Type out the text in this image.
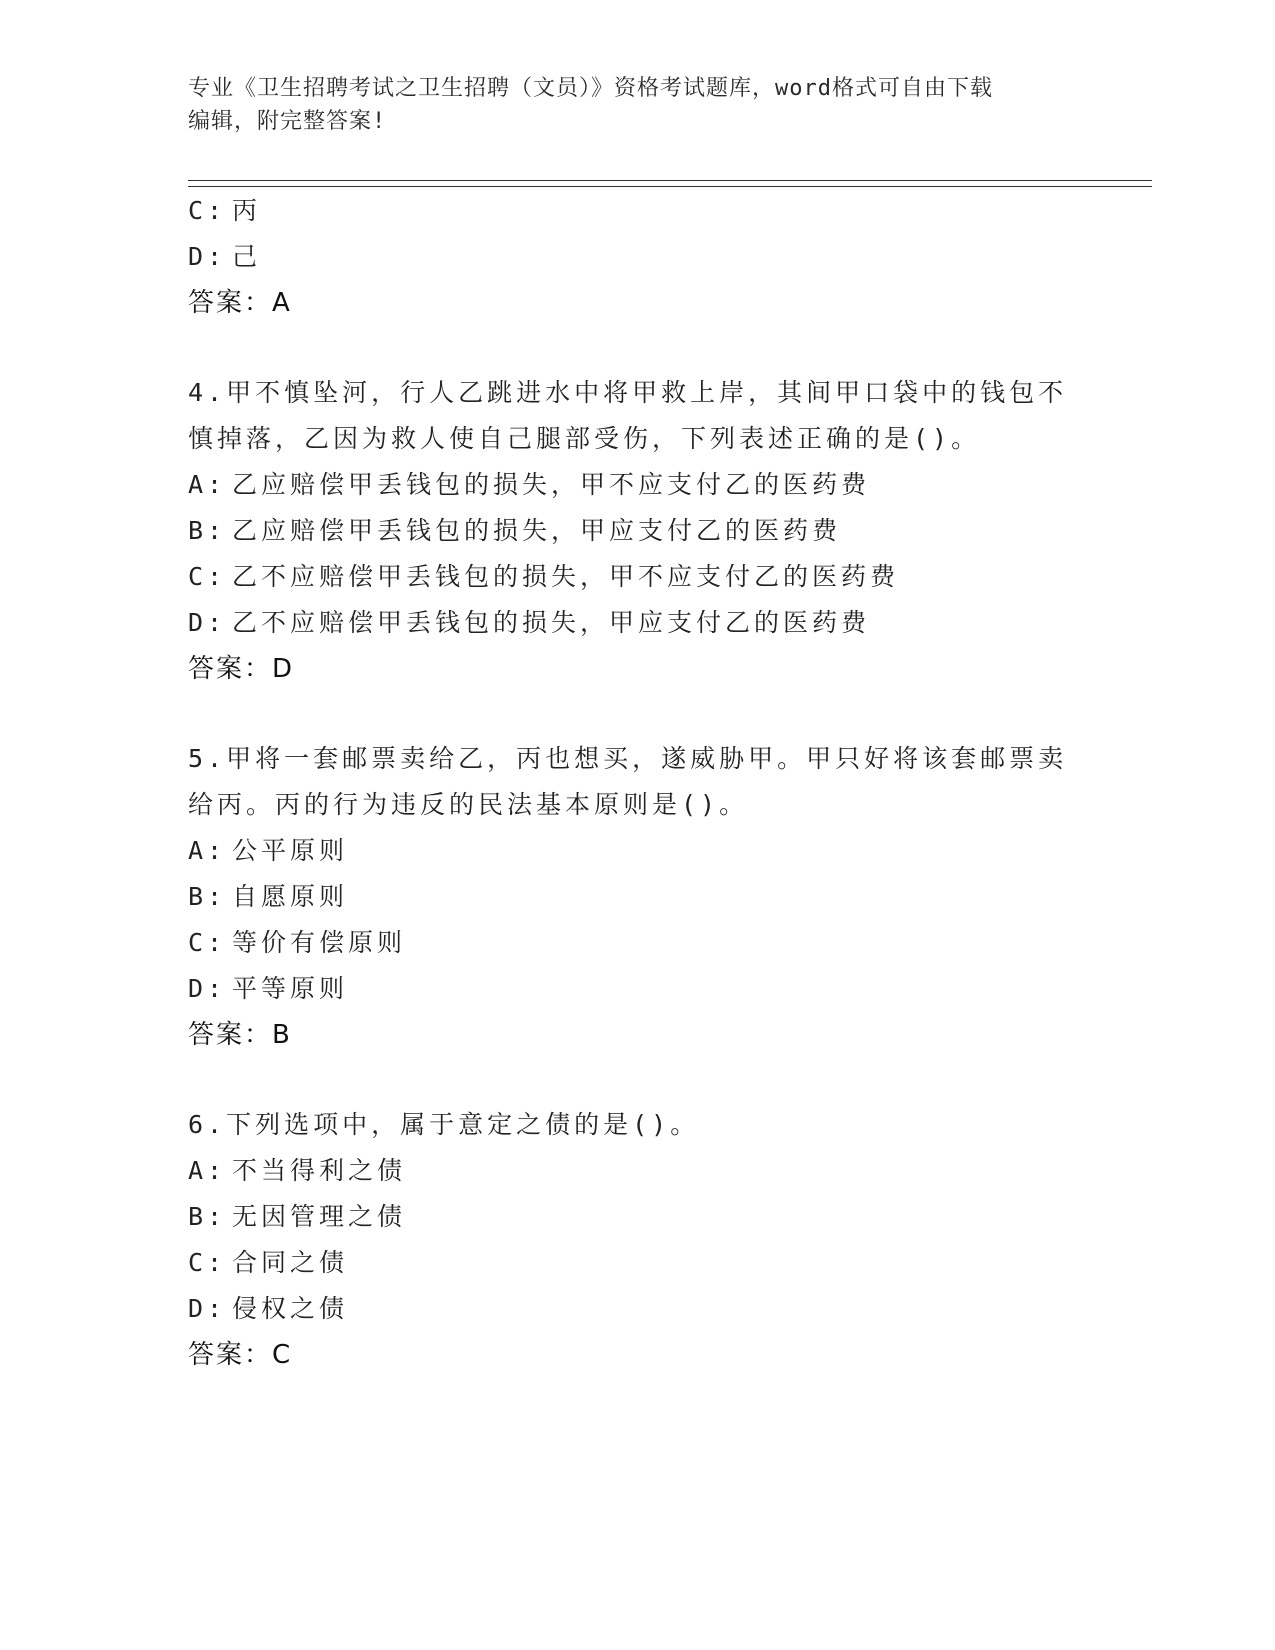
专业《卫生招聘考试之卫生招聘（文员）》资格考试题库，word格式可自由下载
编辑，附完整答案!
C: 丙
D: 己
答案：A
4.甲不慎坠河，行人乙跳进水中将甲救上岸，其间甲口袋中的钱包不
慎掉落，乙因为救人使自己腿部受伤，下列表述正确的是()。
A: 乙应赔偿甲丢钱包的损失，甲不应支付乙的医药费
B: 乙应赔偿甲丢钱包的损失，甲应支付乙的医药费
C: 乙不应赔偿甲丢钱包的损失，甲不应支付乙的医药费
D: 乙不应赔偿甲丢钱包的损失，甲应支付乙的医药费
答案：D
5.甲将一套邮票卖给乙，丙也想买，遂威胁甲。甲只好将该套邮票卖
给丙。丙的行为违反的民法基本原则是()。
A: 公平原则
B: 自愿原则
C: 等价有偿原则
D: 平等原则
答案：B
6.下列选项中，属于意定之债的是()。
A: 不当得利之债
B: 无因管理之债
C: 合同之债
D: 侵权之债
答案：C
